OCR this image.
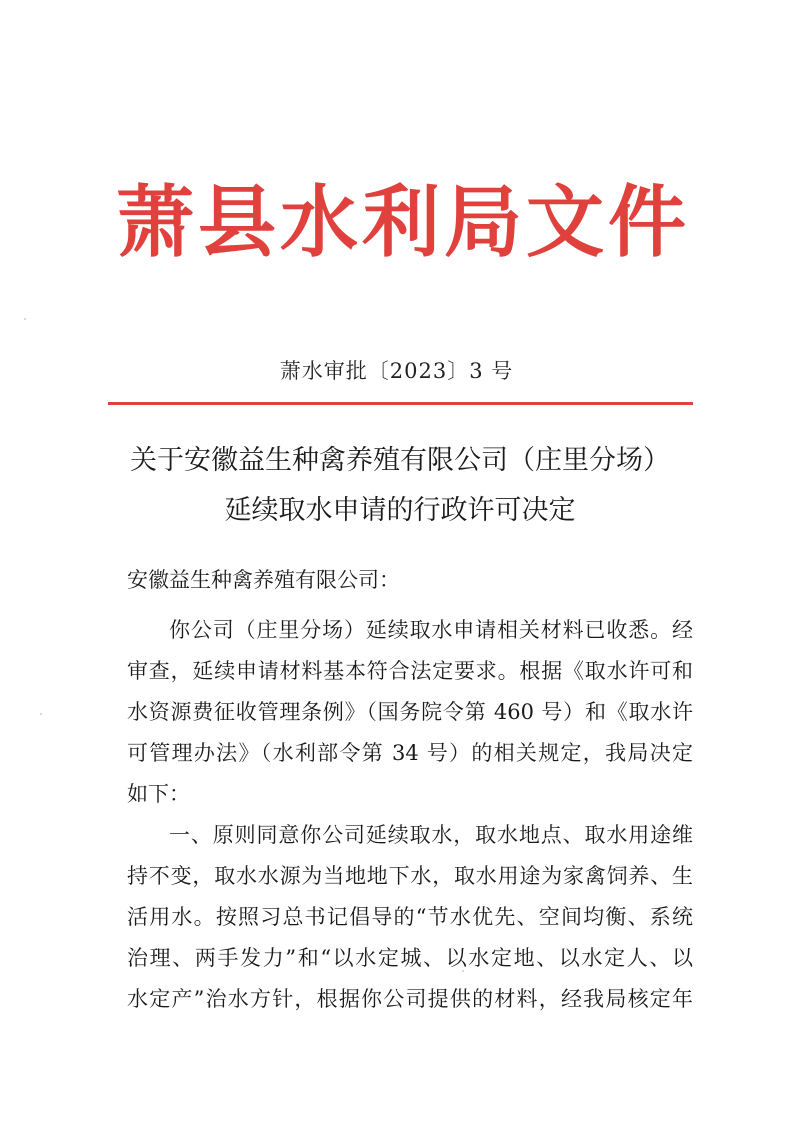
萧县水利局文件
萧水审批〔2023〕3 号
关于安徽益生种禽养殖有限公司（庄里分场）
延续取水申请的行政许可决定
安徽益生种禽养殖有限公司：
你公司（庄里分场）延续取水申请相关材料已收悉。经
审查，延续申请材料基本符合法定要求。根据《取水许可和
水资源费征收管理条例》（国务院令第 460 号）和《取水许
可管理办法》（水利部令第 34 号）的相关规定，我局决定
如下：
一、原则同意你公司延续取水，取水地点、取水用途维
持不变，取水水源为当地地下水，取水用途为家禽饲养、生
活用水。按照习总书记倡导的“节水优先、空间均衡、系统
治理、两手发力”和“以水定城、以水定地、以水定人、以
水定产”治水方针，根据你公司提供的材料，经我局核定年
